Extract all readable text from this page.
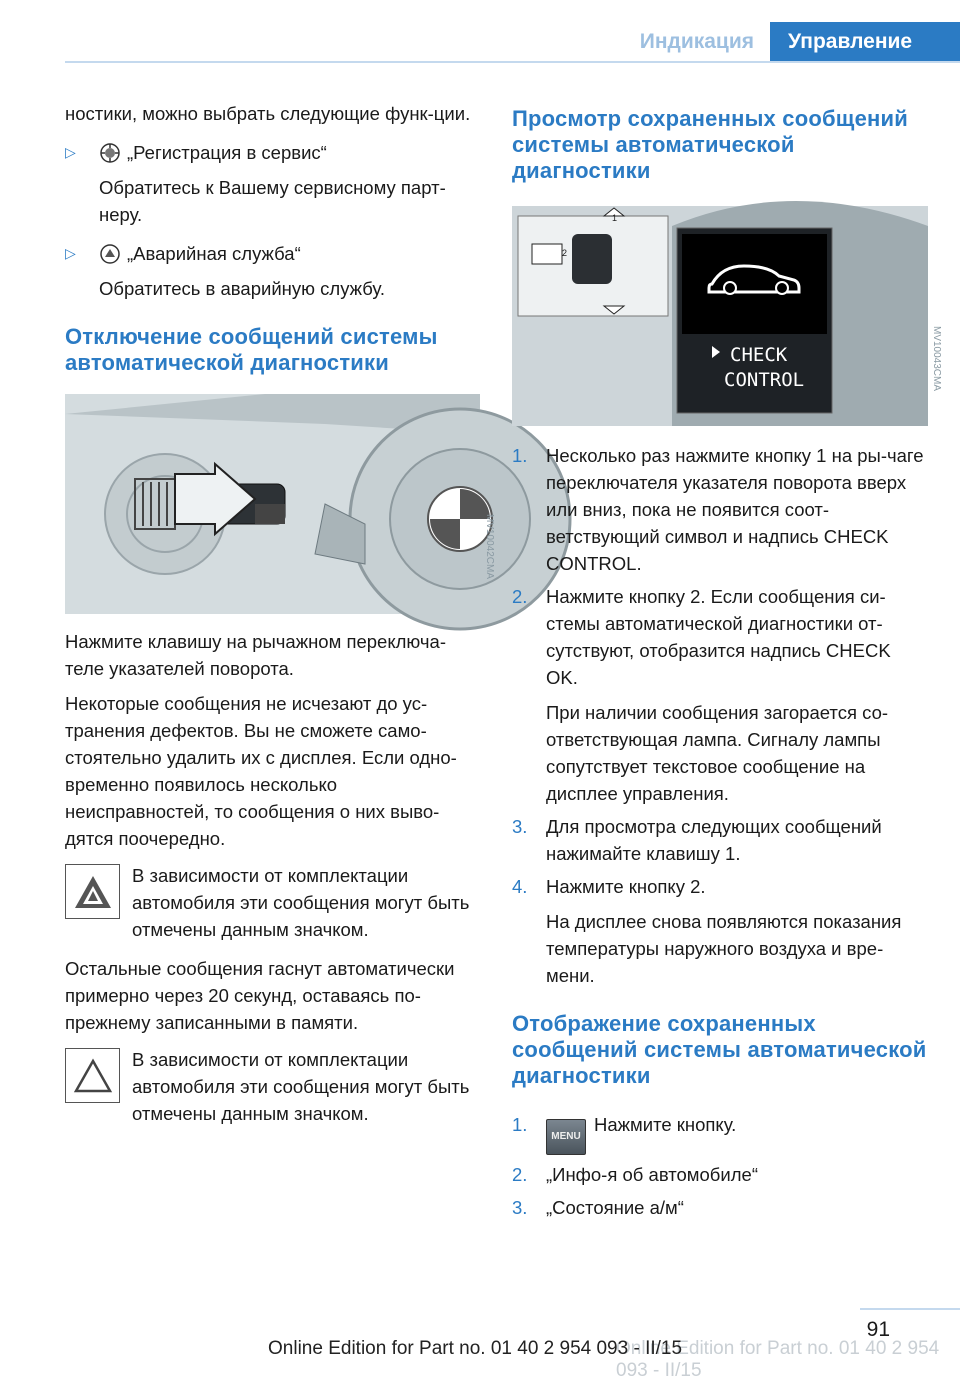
Индикация	Управление

ностики, можно выбрать следующие функ-ции.

▷	„Регистрация в сервис“

Обратитесь к Вашему сервисному парт-неру.

▷	„Аварийная служба“

Обратитесь в аварийную службу.

Отключение сообщений системы автоматической диагностики

MV10042CMA

Нажмите клавишу на рычажном переключа-теле указателей поворота.

Некоторые сообщения не исчезают до ус-транения дефектов. Вы не сможете само-стоятельно удалить их с дисплея. Если одно-временно появилось несколько неисправностей, то сообщения о них выво-дятся поочередно.

В зависимости от комплектации автомобиля эти сообщения могут быть отмечены данным значком.

Остальные сообщения гаснут автоматически примерно через 20 секунд, оставаясь по-прежнему записанными в памяти.

В зависимости от комплектации автомобиля эти сообщения могут быть отмечены данным значком.

Просмотр сохраненных сообщений системы автоматической диагностики

1
2
CHECK
CONTROL	MV10043CMA
1.	Несколько раз нажмите кнопку 1 на ры-чаге переключателя указателя поворота вверх или вниз, пока не появится соот-ветствующий символ и надпись CHECK CONTROL.

2.	Нажмите кнопку 2. Если сообщения си-стемы автоматической диагностики от-сутствуют, отобразится надпись CHECK OK.

При наличии сообщения загорается со-ответствующая лампа. Сигналу лампы сопутствует текстовое сообщение на дисплее управления.

3.	Для просмотра следующих сообщений нажимайте клавишу 1.

4.	Нажмите кнопку 2.

На дисплее снова появляются показания температуры наружного воздуха и вре-мени.

Отображение сохраненных сообщений системы автоматической диагностики

1.

MENUНажмите кнопку.

2.	„Инфо-я об автомобиле“

3.	„Состояние а/м“

91
Online Edition for Part no. 01 40 2 954 093 - II/15
Online Edition for Part no. 01 40 2 954 093 - II/15
